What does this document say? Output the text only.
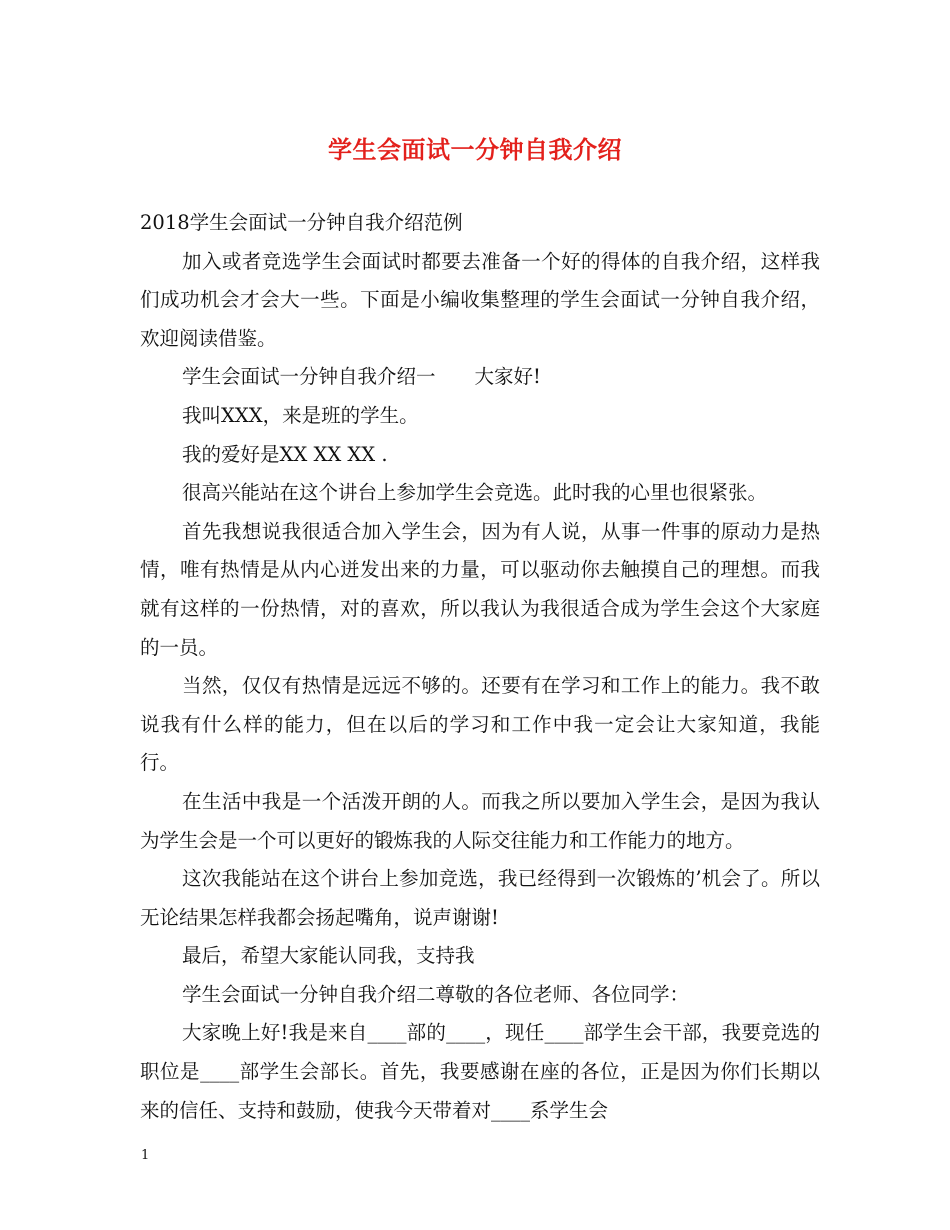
学生会面试一分钟自我介绍

2018学生会面试一分钟自我介绍范例

加入或者竞选学生会面试时都要去准备一个好的得体的自我介绍，这样我们成功机会才会大一些。下面是小编收集整理的学生会面试一分钟自我介绍，欢迎阅读借鉴。

学生会面试一分钟自我介绍一　　大家好!

我叫XXX，来是班的学生。

我的爱好是XX XX XX .

很高兴能站在这个讲台上参加学生会竞选。此时我的心里也很紧张。

首先我想说我很适合加入学生会，因为有人说，从事一件事的原动力是热情，唯有热情是从内心迸发出来的力量，可以驱动你去触摸自己的理想。而我就有这样的一份热情，对的喜欢，所以我认为我很适合成为学生会这个大家庭的一员。

当然，仅仅有热情是远远不够的。还要有在学习和工作上的能力。我不敢说我有什么样的能力，但在以后的学习和工作中我一定会让大家知道，我能行。

在生活中我是一个活泼开朗的人。而我之所以要加入学生会，是因为我认为学生会是一个可以更好的锻炼我的人际交往能力和工作能力的地方。

这次我能站在这个讲台上参加竞选，我已经得到一次锻炼的’机会了。所以无论结果怎样我都会扬起嘴角，说声谢谢!

最后，希望大家能认同我，支持我

学生会面试一分钟自我介绍二尊敬的各位老师、各位同学：

大家晚上好!我是来自____部的____，现任____部学生会干部，我要竞选的职位是____部学生会部长。首先，我要感谢在座的各位，正是因为你们长期以来的信任、支持和鼓励，使我今天带着对____系学生会

1
